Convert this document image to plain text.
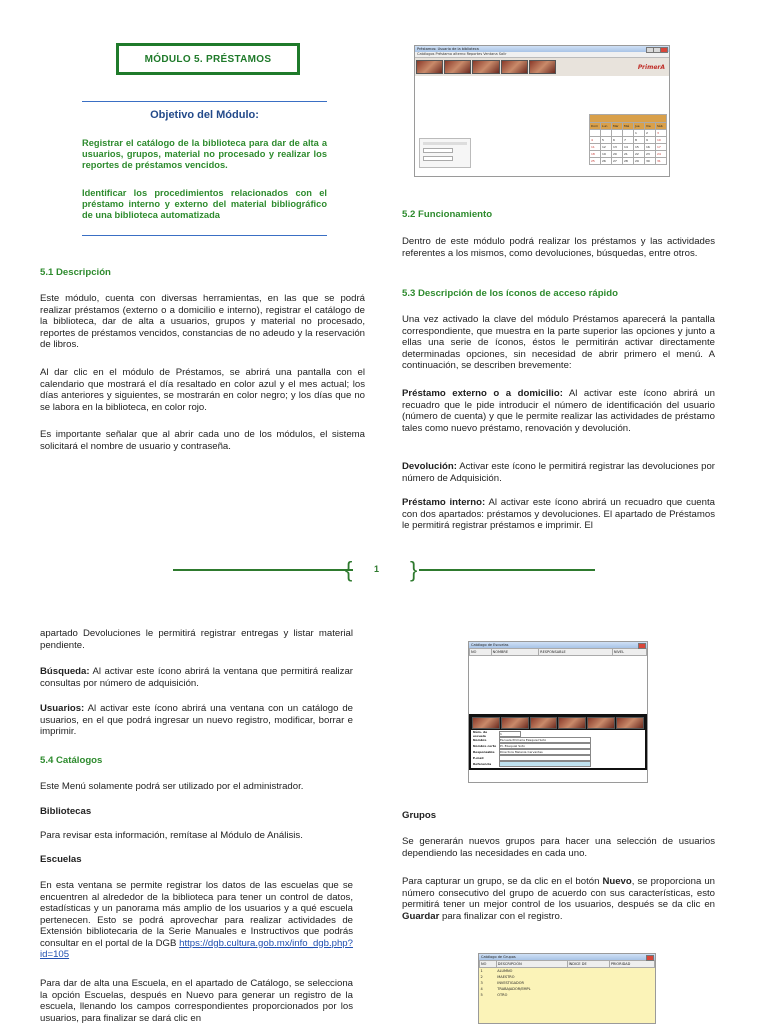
MÓDULO 5. PRÉSTAMOS
Objetivo del Módulo:

Registrar el catálogo de la biblioteca para dar de alta a usuarios, grupos, material no procesado y realizar los reportes de préstamos vencidos.

Identificar los procedimientos relacionados con el préstamo interno y externo del material bibliográfico de una biblioteca automatizada

5.1 Descripción

Este módulo, cuenta con diversas herramientas, en las que se podrá realizar préstamos (externo o a domicilio e interno), registrar el catálogo de la biblioteca, dar de alta a usuarios, grupos y material no procesado, reportes de préstamos vencidos, constancias de no adeudo y la reservación de libros.

Al dar clic en el módulo de Préstamos, se abrirá una pantalla con el calendario que mostrará el día resaltado en color azul y el mes actual; los días anteriores y siguientes, se mostrarán en color negro; y los días que no se labora en la biblioteca, en color rojo.

Es importante señalar que al abrir cada uno de los módulos, el sistema solicitará el nombre de usuario y contraseña.

Préstamos: Usuario de la biblioteca
Catálogos Préstamo alterno Reportes Ventana Salir
PrimerA

Dom	Lun	Mar	Mié	Jue	Vie	Sáb
				1	2	3
4	5	6	7	8	9	10
11	12	13	14	15	16	17
18	19	20	21	22	23	24
25	26	27	28	29	30	31

5.2 Funcionamiento

Dentro de este módulo podrá realizar los préstamos y las actividades referentes a los mismos, como devoluciones, búsquedas, entre otros.

5.3 Descripción de los íconos de acceso rápido

Una vez activado la clave del módulo Préstamos aparecerá la pantalla correspondiente, que muestra en la parte superior las opciones y junto a ellas una serie de íconos, éstos le permitirán activar directamente determinadas opciones, sin necesidad de abrir primero el menú. A continuación, se describen brevemente:

Préstamo externo o a domicilio: Al activar este ícono abrirá un recuadro que le pide introducir el número de identificación del usuario (número de cuenta) y que le permite realizar las actividades de préstamo tales como nuevo préstamo, renovación y devolución.

Devolución: Activar este ícono le permitirá registrar las devoluciones por número de Adquisición.

Préstamo interno: Al activar este ícono abrirá un recuadro que cuenta con dos apartados: préstamos y devoluciones. El apartado de Préstamos le permitirá registrar préstamos e imprimir. El

{ 1 }

apartado Devoluciones le permitirá registrar entregas y listar material pendiente.

Búsqueda: Al activar este ícono abrirá la ventana que permitirá realizar consultas por número de adquisición.

Usuarios: Al activar este ícono abrirá una ventana con un catálogo de usuarios, en el que podrá ingresar un nuevo registro, modificar, borrar e imprimir.

5.4 Catálogos

Este Menú solamente podrá ser utilizado por el administrador.

Bibliotecas

Para revisar esta información, remítase al Módulo de Análisis.

Escuelas

En esta ventana se permite registrar los datos de las escuelas que se encuentren al alrededor de la biblioteca para tener un control de datos, estadísticas y un panorama más amplio de los usuarios y a qué escuela pertenecen. Esto se podrá aprovechar para realizar actividades de Extensión bibliotecaria de la Serie Manuales e Instructivos que podrás consultar en el portal de la DGB https://dgb.cultura.gob.mx/info_dgb.php?id=105

Para dar de alta una Escuela, en el apartado de Catálogo, se selecciona la opción Escuelas, después en Nuevo para generar un registro de la escuela, llenando los campos correspondientes proporcionados por los usuarios, para finalizar se dará clic en

Catálogo de Escuelas
NO	NOMBRE	RESPONSABLE	NIVEL
Núm. de escuela	1
Nombre	Escuela Primaria Ezequiel Soto
Nombre corto	Pr. Ezequiel Soto
Responsable	Directora Melania Cervantes
E-mail
Referencia

Grupos

Se generarán nuevos grupos para hacer una selección de usuarios dependiendo las necesidades en cada uno.

Para capturar un grupo, se da clic en el botón Nuevo, se proporciona un número consecutivo del grupo de acuerdo con sus características, esto permitirá tener un mejor control de los usuarios, después se da clic en Guardar para finalizar con el registro.

Catálogo de Grupos
NO	DESCRIPCIÓN	ÍNDICE DE	PRIORIDAD
1	ALUMNO		
2	MAESTRO		
3	INVESTIGADOR		
4	TRABAJADOR/EMPL		
5	OTRO		
